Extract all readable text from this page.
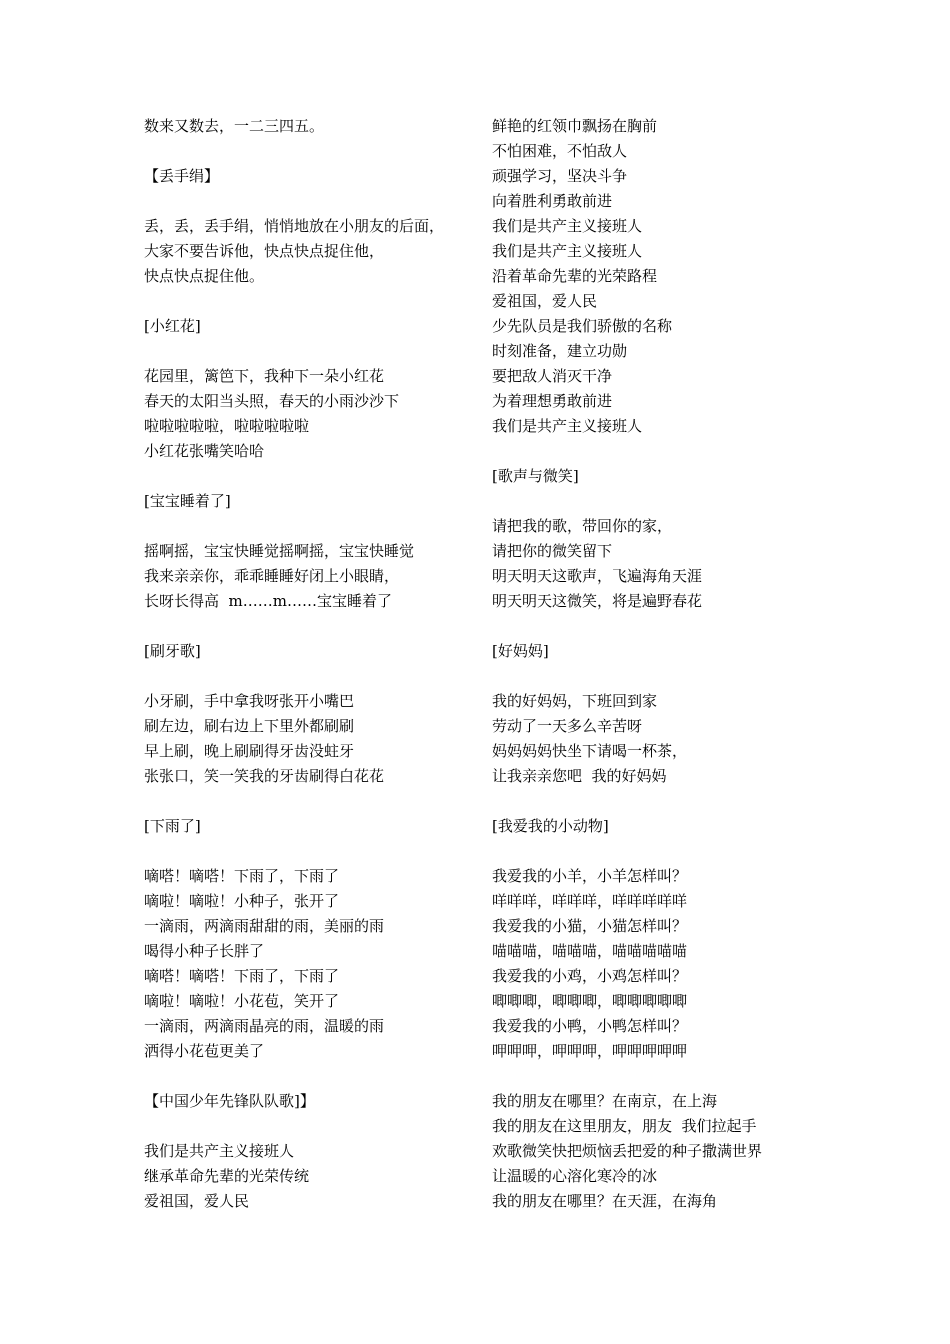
数来又数去，一二三四五。
【丢手绢】
丢，丢，丢手绢，悄悄地放在小朋友的后面，
大家不要告诉他，快点快点捉住他，
快点快点捉住他。
[小红花]
花园里，篱笆下，我种下一朵小红花
春天的太阳当头照，春天的小雨沙沙下
啦啦啦啦啦，啦啦啦啦啦
小红花张嘴笑哈哈
[宝宝睡着了]
摇啊摇，宝宝快睡觉摇啊摇，宝宝快睡觉
我来亲亲你，乖乖睡睡好闭上小眼睛，
长呀长得高  m……m……宝宝睡着了
[刷牙歌]
小牙刷，手中拿我呀张开小嘴巴
刷左边，刷右边上下里外都刷刷
早上刷，晚上刷刷得牙齿没蛀牙
张张口，笑一笑我的牙齿刷得白花花
[下雨了]
嘀嗒！嘀嗒！下雨了，下雨了
嘀啦！嘀啦！小种子，张开了
一滴雨，两滴雨甜甜的雨，美丽的雨
喝得小种子长胖了
嘀嗒！嘀嗒！下雨了，下雨了
嘀啦！嘀啦！小花苞，笑开了
一滴雨，两滴雨晶亮的雨，温暖的雨
洒得小花苞更美了
【中国少年先锋队队歌]】
我们是共产主义接班人
继承革命先辈的光荣传统
爱祖国，爱人民
鲜艳的红领巾飘扬在胸前
不怕困难，不怕敌人
顽强学习，坚决斗争
向着胜利勇敢前进
我们是共产主义接班人
我们是共产主义接班人
沿着革命先辈的光荣路程
爱祖国，爱人民
少先队员是我们骄傲的名称
时刻准备，建立功勋
要把敌人消灭干净
为着理想勇敢前进
我们是共产主义接班人
[歌声与微笑]
请把我的歌，带回你的家，
请把你的微笑留下
明天明天这歌声，飞遍海角天涯
明天明天这微笑，将是遍野春花
[好妈妈]
我的好妈妈，下班回到家
劳动了一天多么辛苦呀
妈妈妈妈快坐下请喝一杯茶，
让我亲亲您吧  我的好妈妈
[我爱我的小动物]
我爱我的小羊，小羊怎样叫？
咩咩咩，咩咩咩，咩咩咩咩咩
我爱我的小猫，小猫怎样叫？
喵喵喵，喵喵喵，喵喵喵喵喵
我爱我的小鸡，小鸡怎样叫？
唧唧唧，唧唧唧，唧唧唧唧唧
我爱我的小鸭，小鸭怎样叫？
呷呷呷，呷呷呷，呷呷呷呷呷
我的朋友在哪里？在南京，在上海
我的朋友在这里朋友，朋友  我们拉起手
欢歌微笑快把烦恼丢把爱的种子撒满世界
让温暖的心溶化寒冷的冰
我的朋友在哪里？在天涯，在海角
